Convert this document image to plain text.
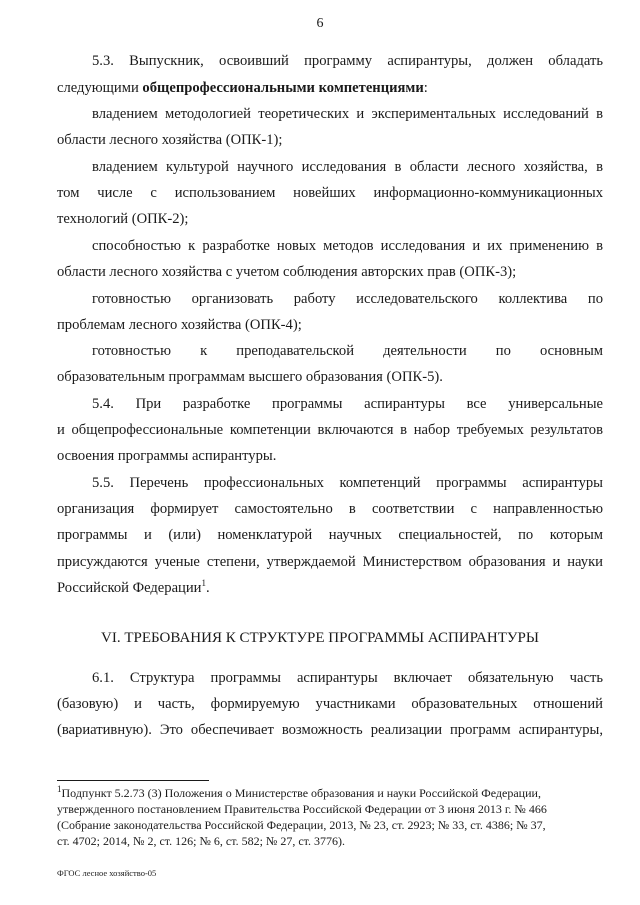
6
5.3. Выпускник, освоивший программу аспирантуры, должен обладать
следующими общепрофессиональными компетенциями:
владением методологией теоретических и экспериментальных исследований в
области лесного хозяйства (ОПК-1);
владением культурой научного исследования в области лесного хозяйства, в
том числе с использованием новейших информационно-коммуникационных
технологий (ОПК-2);
способностью к разработке новых методов исследования и их применению в
области лесного хозяйства с учетом соблюдения авторских прав (ОПК-3);
готовностью организовать работу исследовательского коллектива по
проблемам лесного хозяйства (ОПК-4);
готовностью к преподавательской деятельности по основным
образовательным программам высшего образования (ОПК-5).
5.4. При разработке программы аспирантуры все универсальные
и общепрофессиональные компетенции включаются в набор требуемых результатов
освоения программы аспирантуры.
5.5. Перечень профессиональных компетенций программы аспирантуры
организация формирует самостоятельно в соответствии с направленностью
программы и (или) номенклатурой научных специальностей, по которым
присуждаются ученые степени, утверждаемой Министерством образования и науки
Российской Федерации$^1$.
VI. ТРЕБОВАНИЯ К СТРУКТУРЕ ПРОГРАММЫ АСПИРАНТУРЫ
6.1. Структура программы аспирантуры включает обязательную часть
(базовую) и часть, формируемую участниками образовательных отношений
(вариативную). Это обеспечивает возможность реализации программ аспирантуры,
$^1$Подпункт 5.2.73 (3) Положения о Министерстве образования и науки Российской Федерации,
утвержденного постановлением Правительства Российской Федерации от 3 июня 2013 г. № 466
(Собрание законодательства Российской Федерации, 2013, № 23, ст. 2923; № 33, ст. 4386; № 37,
ст. 4702; 2014, № 2, ст. 126; № 6, ст. 582; № 27, ст. 3776).
ФГОС лесное хозяйство-05
